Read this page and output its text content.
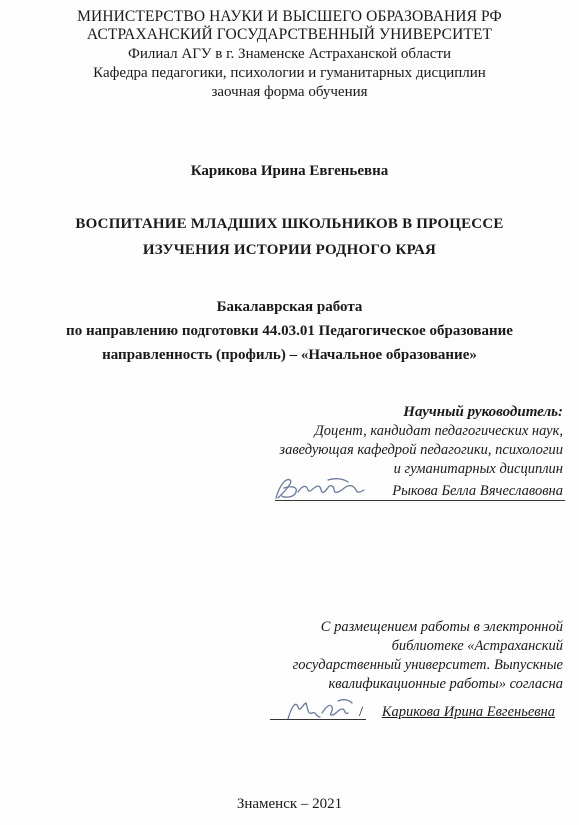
МИНИСТЕРСТВО НАУКИ И ВЫСШЕГО ОБРАЗОВАНИЯ РФ
АСТРАХАНСКИЙ ГОСУДАРСТВЕННЫЙ УНИВЕРСИТЕТ
Филиал АГУ в г. Знаменске Астраханской области
Кафедра педагогики, психологии и гуманитарных дисциплин
заочная форма обучения
Карикова Ирина Евгеньевна
ВОСПИТАНИЕ МЛАДШИХ ШКОЛЬНИКОВ В ПРОЦЕССЕ
ИЗУЧЕНИЯ ИСТОРИИ РОДНОГО КРАЯ
Бакалаврская работа
по направлению подготовки 44.03.01 Педагогическое образование
направленность (профиль) – «Начальное образование»
Научный руководитель:
Доцент, кандидат педагогических наук,
заведующая кафедрой педагогики, психологии
и гуманитарных дисциплин
Рыкова Белла Вячеславовна
С размещением работы в электронной
библиотеке «Астраханский
государственный университет. Выпускные
квалификационные работы» согласна
/ Карикова Ирина Евгеньевна
Знаменск – 2021
